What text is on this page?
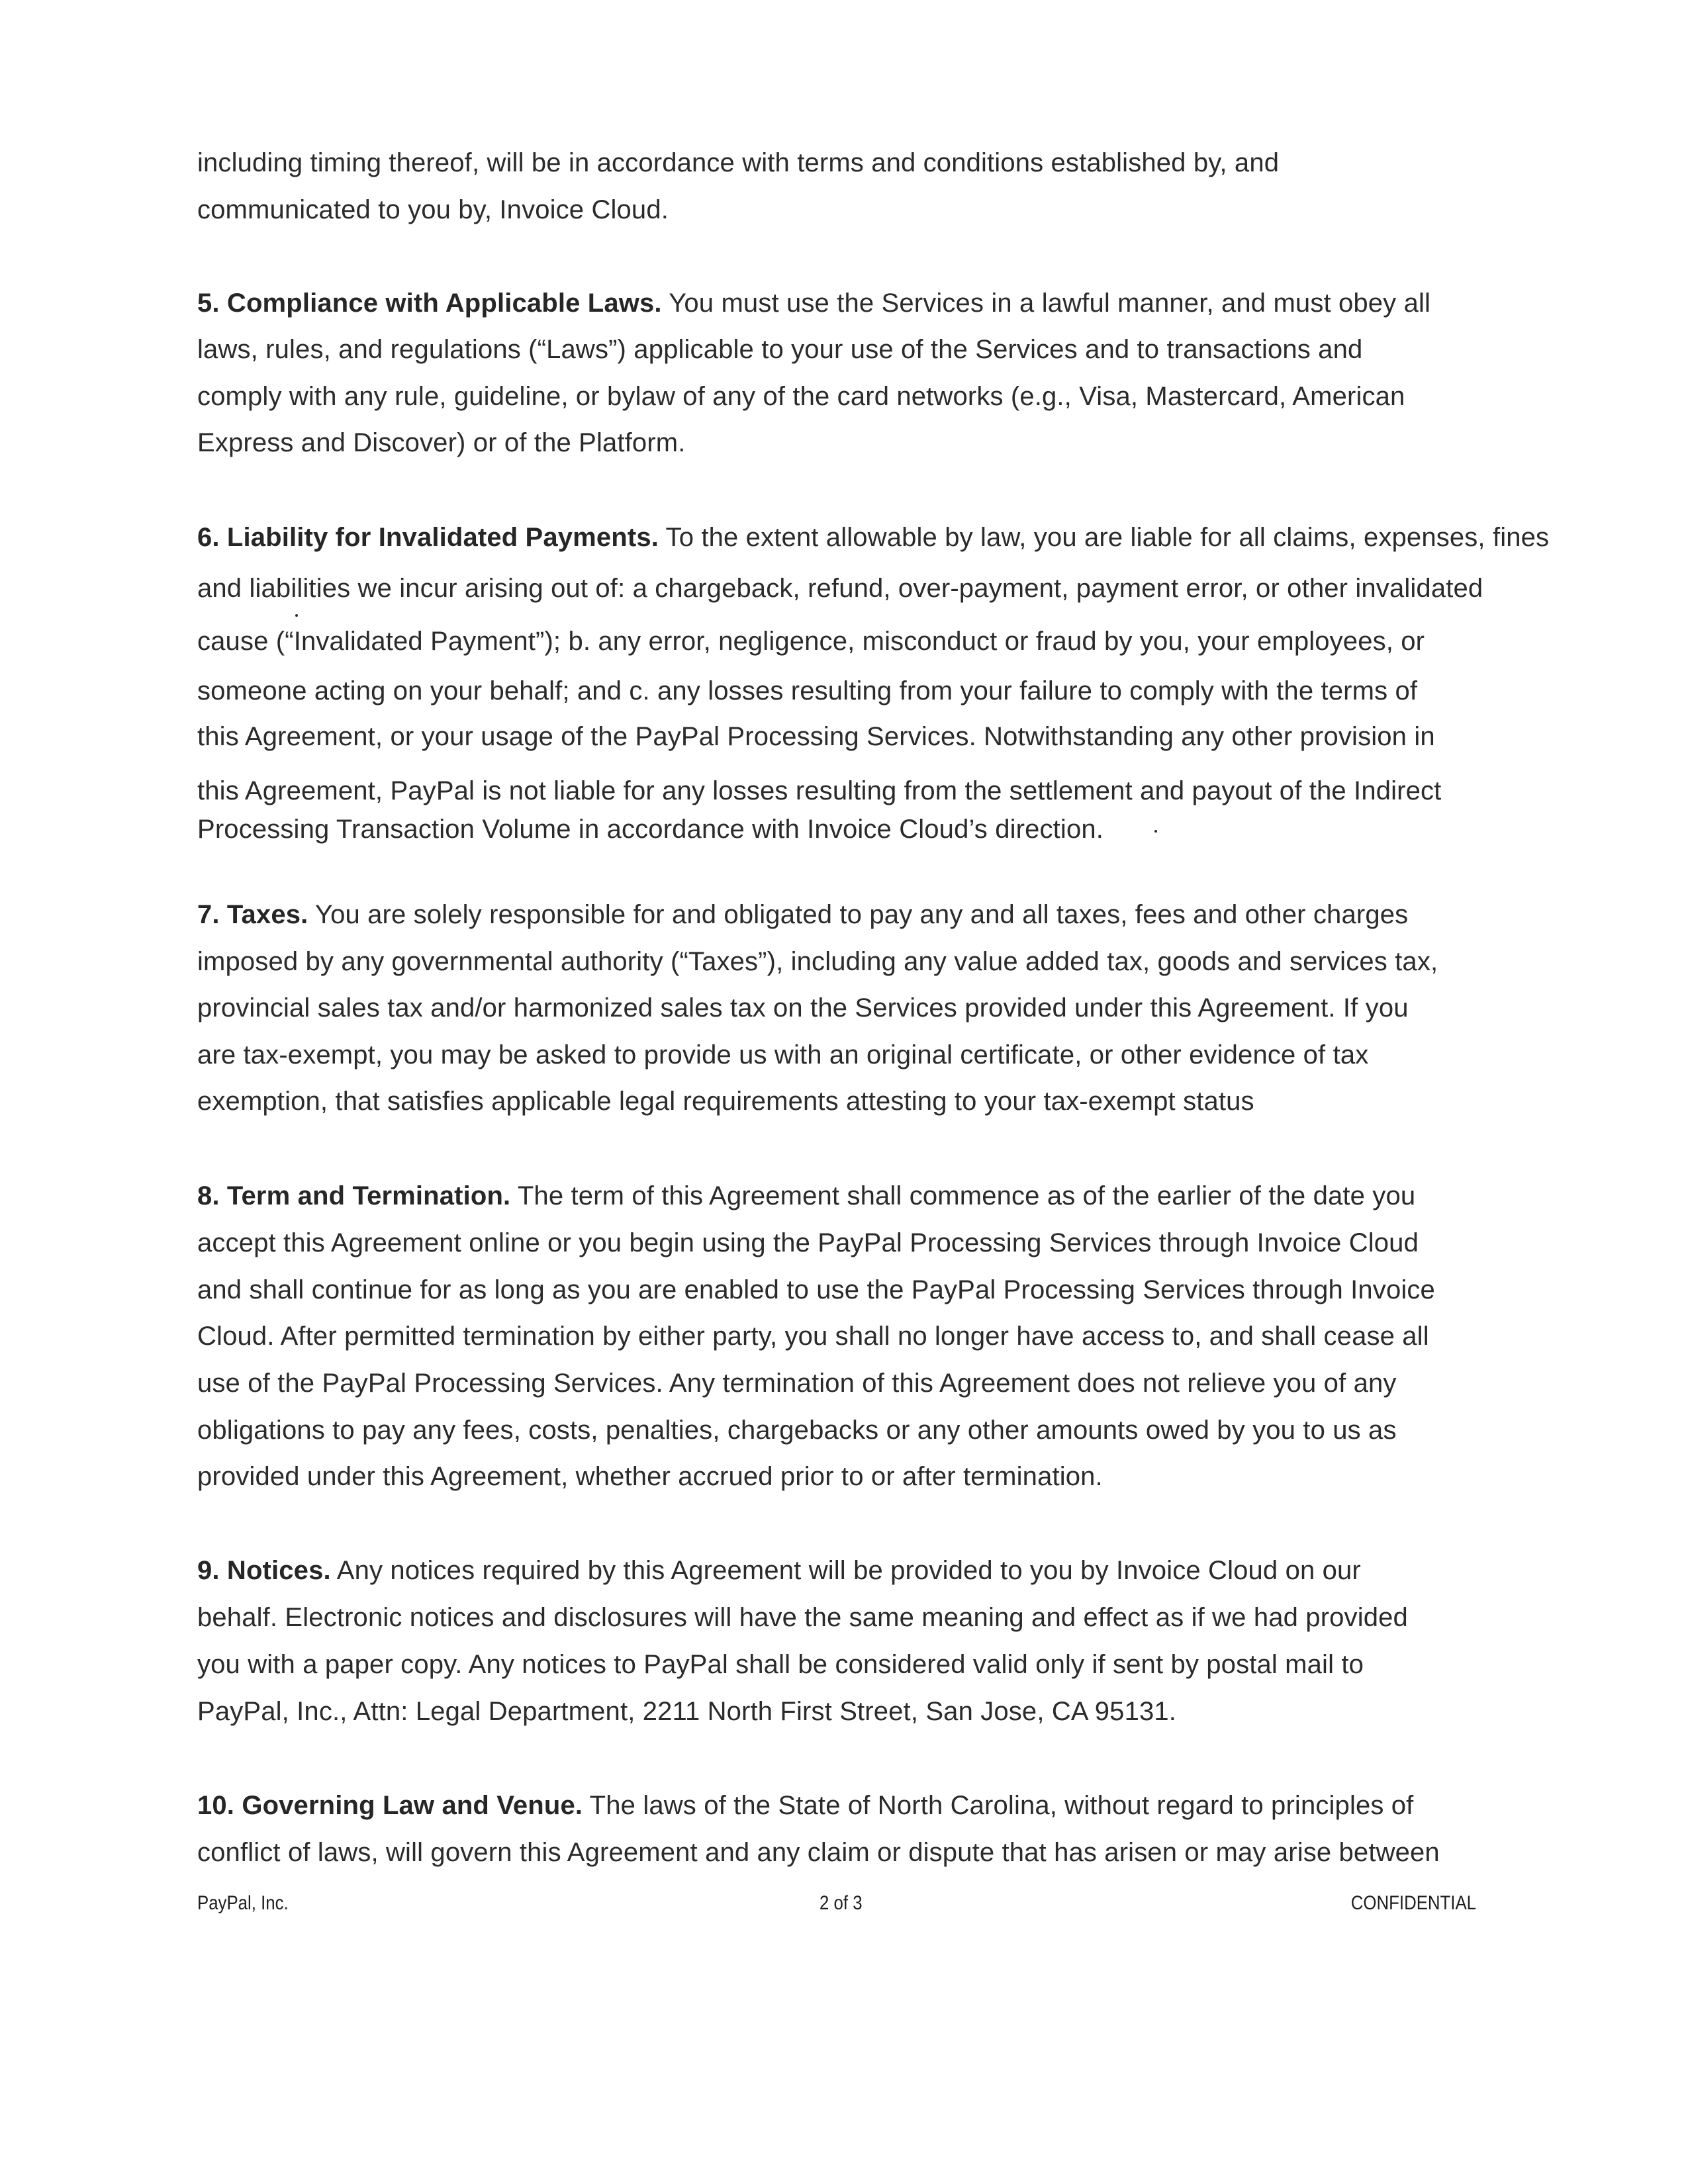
including timing thereof, will be in accordance with terms and conditions established by, and
communicated to you by, Invoice Cloud.
5. Compliance with Applicable Laws. You must use the Services in a lawful manner, and must obey all
laws, rules, and regulations (“Laws”) applicable to your use of the Services and to transactions and
comply with any rule, guideline, or bylaw of any of the card networks (e.g., Visa, Mastercard, American
Express and Discover) or of the Platform.
6. Liability for Invalidated Payments. To the extent allowable by law, you are liable for all claims, expenses, fines
and liabilities we incur arising out of: a chargeback, refund, over-payment, payment error, or other invalidated
cause (“Invalidated Payment”); b. any error, negligence, misconduct or fraud by you, your employees, or
someone acting on your behalf; and c. any losses resulting from your failure to comply with the terms of
this Agreement, or your usage of the PayPal Processing Services. Notwithstanding any other provision in
this Agreement, PayPal is not liable for any losses resulting from the settlement and payout of the Indirect
Processing Transaction Volume in accordance with Invoice Cloud’s direction.
7. Taxes. You are solely responsible for and obligated to pay any and all taxes, fees and other charges
imposed by any governmental authority (“Taxes”), including any value added tax, goods and services tax,
provincial sales tax and/or harmonized sales tax on the Services provided under this Agreement. If you
are tax-exempt, you may be asked to provide us with an original certificate, or other evidence of tax
exemption, that satisfies applicable legal requirements attesting to your tax-exempt status
8. Term and Termination. The term of this Agreement shall commence as of the earlier of the date you
accept this Agreement online or you begin using the PayPal Processing Services through Invoice Cloud
and shall continue for as long as you are enabled to use the PayPal Processing Services through Invoice
Cloud. After permitted termination by either party, you shall no longer have access to, and shall cease all
use of the PayPal Processing Services. Any termination of this Agreement does not relieve you of any
obligations to pay any fees, costs, penalties, chargebacks or any other amounts owed by you to us as
provided under this Agreement, whether accrued prior to or after termination.
9. Notices. Any notices required by this Agreement will be provided to you by Invoice Cloud on our
behalf. Electronic notices and disclosures will have the same meaning and effect as if we had provided
you with a paper copy. Any notices to PayPal shall be considered valid only if sent by postal mail to
PayPal, Inc., Attn: Legal Department, 2211 North First Street, San Jose, CA 95131.
10. Governing Law and Venue. The laws of the State of North Carolina, without regard to principles of
conflict of laws, will govern this Agreement and any claim or dispute that has arisen or may arise between
PayPal, Inc.	2 of 3	CONFIDENTIAL
